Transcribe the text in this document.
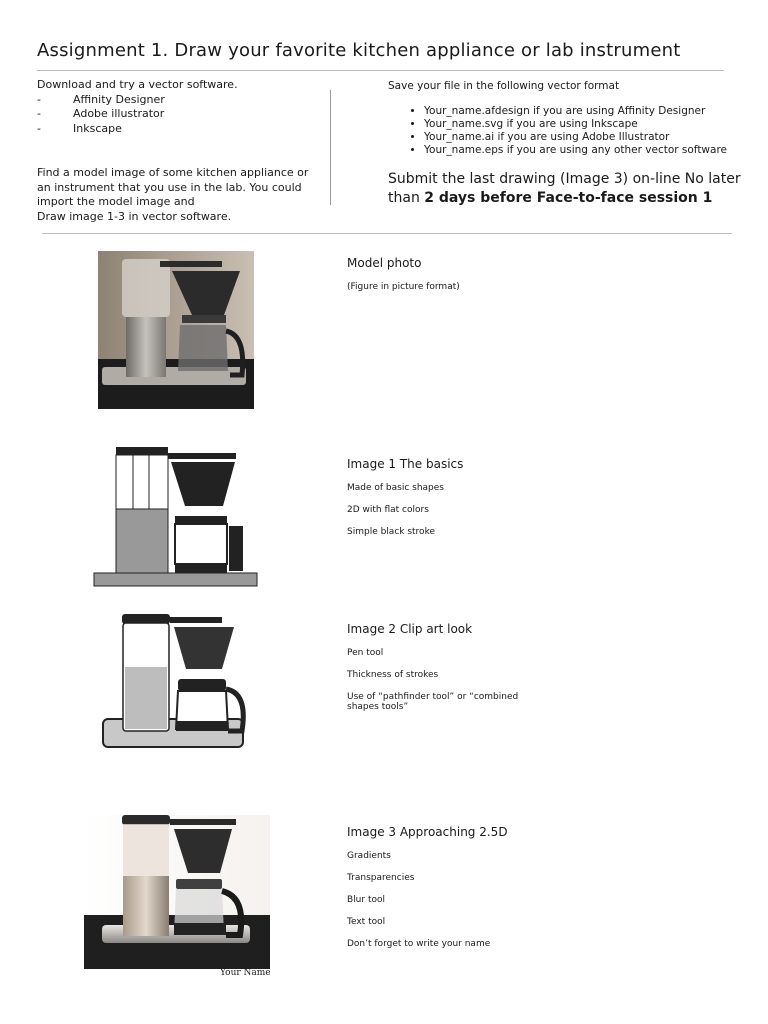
Assignment 1. Draw your favorite kitchen appliance or lab instrument
Download and try a vector software.
-	Affinity Designer
-	Adobe illustrator
-	Inkscape
Find a model image of some kitchen appliance or
an instrument that you use in the lab. You could
import the model image and
Draw image 1-3 in vector software.
Save your file in the following vector format
• Your_name.afdesign if you are using Affinity Designer
• Your_name.svg if you are using Inkscape
• Your_name.ai if you are using Adobe Illustrator
• Your_name.eps if you are using any other vector software
Submit the last drawing (Image 3) on-line No later
than 2 days before Face-to-face session 1
Model photo
(Figure in picture format)
Image 1 The basics
Made of basic shapes
2D with flat colors
Simple black stroke
Image 2 Clip art look
Pen tool
Thickness of strokes
Use of “pathfinder tool” or “combined
shapes tools”
Image 3 Approaching 2.5D
Gradients
Transparencies
Blur tool
Text tool
Don’t forget to write your name
Your Name
